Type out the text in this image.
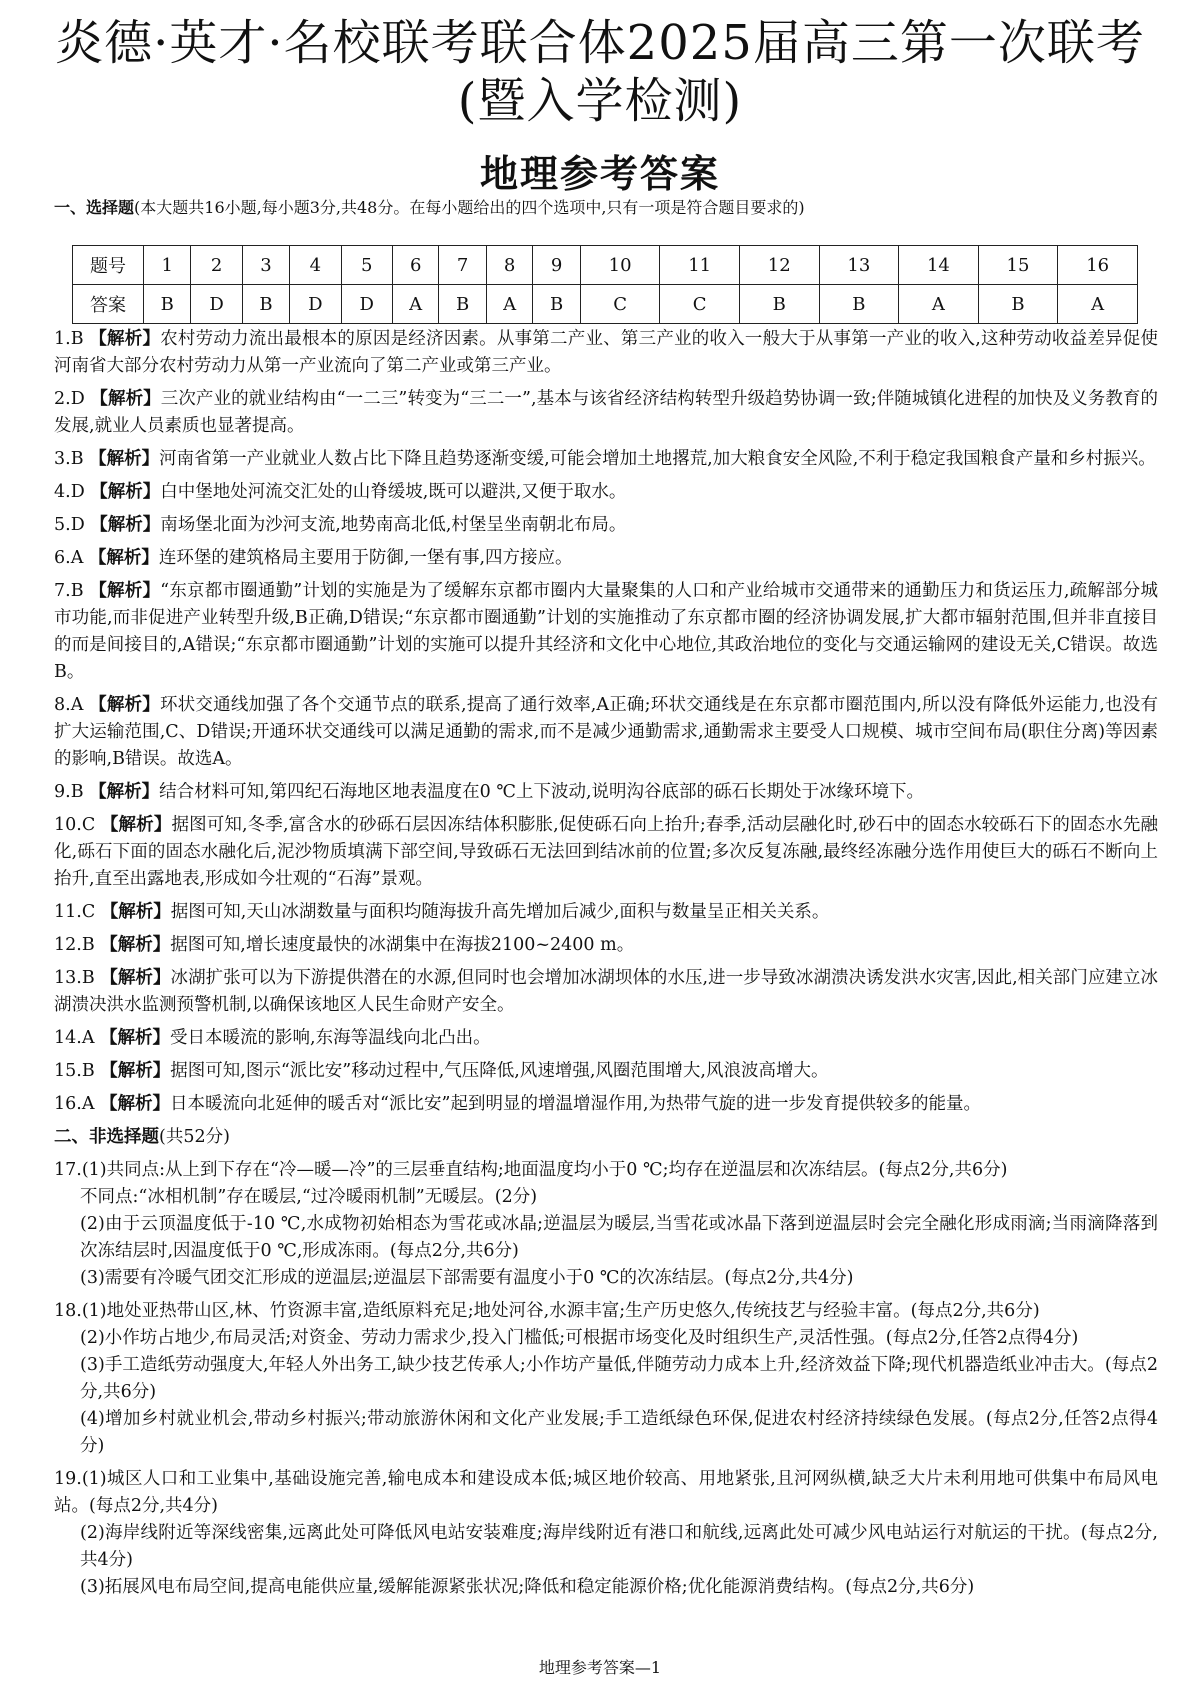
炎德·英才·名校联考联合体2025届高三第一次联考
(暨入学检测)
地理参考答案
一、选择题(本大题共16小题,每小题3分,共48分。在每小题给出的四个选项中,只有一项是符合题目要求的)
题号	1	2	3	4	5	6	7	8	9	10	11	12	13	14	15	16
答案	B	D	B	D	D	A	B	A	B	C	C	B	B	A	B	A
1.B 【解析】农村劳动力流出最根本的原因是经济因素。从事第二产业、第三产业的收入一般大于从事第一产业的收入,这种劳动收益差异促使河南省大部分农村劳动力从第一产业流向了第二产业或第三产业。
2.D 【解析】三次产业的就业结构由“一二三”转变为“三二一”,基本与该省经济结构转型升级趋势协调一致;伴随城镇化进程的加快及义务教育的发展,就业人员素质也显著提高。
3.B 【解析】河南省第一产业就业人数占比下降且趋势逐渐变缓,可能会增加土地撂荒,加大粮食安全风险,不利于稳定我国粮食产量和乡村振兴。
4.D 【解析】白中堡地处河流交汇处的山脊缓坡,既可以避洪,又便于取水。
5.D 【解析】南场堡北面为沙河支流,地势南高北低,村堡呈坐南朝北布局。
6.A 【解析】连环堡的建筑格局主要用于防御,一堡有事,四方接应。
7.B 【解析】“东京都市圈通勤”计划的实施是为了缓解东京都市圈内大量聚集的人口和产业给城市交通带来的通勤压力和货运压力,疏解部分城市功能,而非促进产业转型升级,B正确,D错误;“东京都市圈通勤”计划的实施推动了东京都市圈的经济协调发展,扩大都市辐射范围,但并非直接目的而是间接目的,A错误;“东京都市圈通勤”计划的实施可以提升其经济和文化中心地位,其政治地位的变化与交通运输网的建设无关,C错误。故选B。
8.A 【解析】环状交通线加强了各个交通节点的联系,提高了通行效率,A正确;环状交通线是在东京都市圈范围内,所以没有降低外运能力,也没有扩大运输范围,C、D错误;开通环状交通线可以满足通勤的需求,而不是减少通勤需求,通勤需求主要受人口规模、城市空间布局(职住分离)等因素的影响,B错误。故选A。
9.B 【解析】结合材料可知,第四纪石海地区地表温度在0 ℃上下波动,说明沟谷底部的砾石长期处于冰缘环境下。
10.C 【解析】据图可知,冬季,富含水的砂砾石层因冻结体积膨胀,促使砾石向上抬升;春季,活动层融化时,砂石中的固态水较砾石下的固态水先融化,砾石下面的固态水融化后,泥沙物质填满下部空间,导致砾石无法回到结冰前的位置;多次反复冻融,最终经冻融分选作用使巨大的砾石不断向上抬升,直至出露地表,形成如今壮观的“石海”景观。
11.C 【解析】据图可知,天山冰湖数量与面积均随海拔升高先增加后减少,面积与数量呈正相关关系。
12.B 【解析】据图可知,增长速度最快的冰湖集中在海拔2100~2400 m。
13.B 【解析】冰湖扩张可以为下游提供潜在的水源,但同时也会增加冰湖坝体的水压,进一步导致冰湖溃决诱发洪水灾害,因此,相关部门应建立冰湖溃决洪水监测预警机制,以确保该地区人民生命财产安全。
14.A 【解析】受日本暖流的影响,东海等温线向北凸出。
15.B 【解析】据图可知,图示“派比安”移动过程中,气压降低,风速增强,风圈范围增大,风浪波高增大。
16.A 【解析】日本暖流向北延伸的暖舌对“派比安”起到明显的增温增湿作用,为热带气旋的进一步发育提供较多的能量。
二、非选择题(共52分)
17.(1)共同点:从上到下存在“冷—暖—冷”的三层垂直结构;地面温度均小于0 ℃;均存在逆温层和次冻结层。(每点2分,共6分)
不同点:“冰相机制”存在暖层,“过冷暖雨机制”无暖层。(2分)
(2)由于云顶温度低于-10 ℃,水成物初始相态为雪花或冰晶;逆温层为暖层,当雪花或冰晶下落到逆温层时会完全融化形成雨滴;当雨滴降落到次冻结层时,因温度低于0 ℃,形成冻雨。(每点2分,共6分)
(3)需要有冷暖气团交汇形成的逆温层;逆温层下部需要有温度小于0 ℃的次冻结层。(每点2分,共4分)
18.(1)地处亚热带山区,林、竹资源丰富,造纸原料充足;地处河谷,水源丰富;生产历史悠久,传统技艺与经验丰富。(每点2分,共6分)
(2)小作坊占地少,布局灵活;对资金、劳动力需求少,投入门槛低;可根据市场变化及时组织生产,灵活性强。(每点2分,任答2点得4分)
(3)手工造纸劳动强度大,年轻人外出务工,缺少技艺传承人;小作坊产量低,伴随劳动力成本上升,经济效益下降;现代机器造纸业冲击大。(每点2分,共6分)
(4)增加乡村就业机会,带动乡村振兴;带动旅游休闲和文化产业发展;手工造纸绿色环保,促进农村经济持续绿色发展。(每点2分,任答2点得4分)
19.(1)城区人口和工业集中,基础设施完善,输电成本和建设成本低;城区地价较高、用地紧张,且河网纵横,缺乏大片未利用地可供集中布局风电站。(每点2分,共4分)
(2)海岸线附近等深线密集,远离此处可降低风电站安装难度;海岸线附近有港口和航线,远离此处可减少风电站运行对航运的干扰。(每点2分,共4分)
(3)拓展风电布局空间,提高电能供应量,缓解能源紧张状况;降低和稳定能源价格;优化能源消费结构。(每点2分,共6分)
地理参考答案—1
